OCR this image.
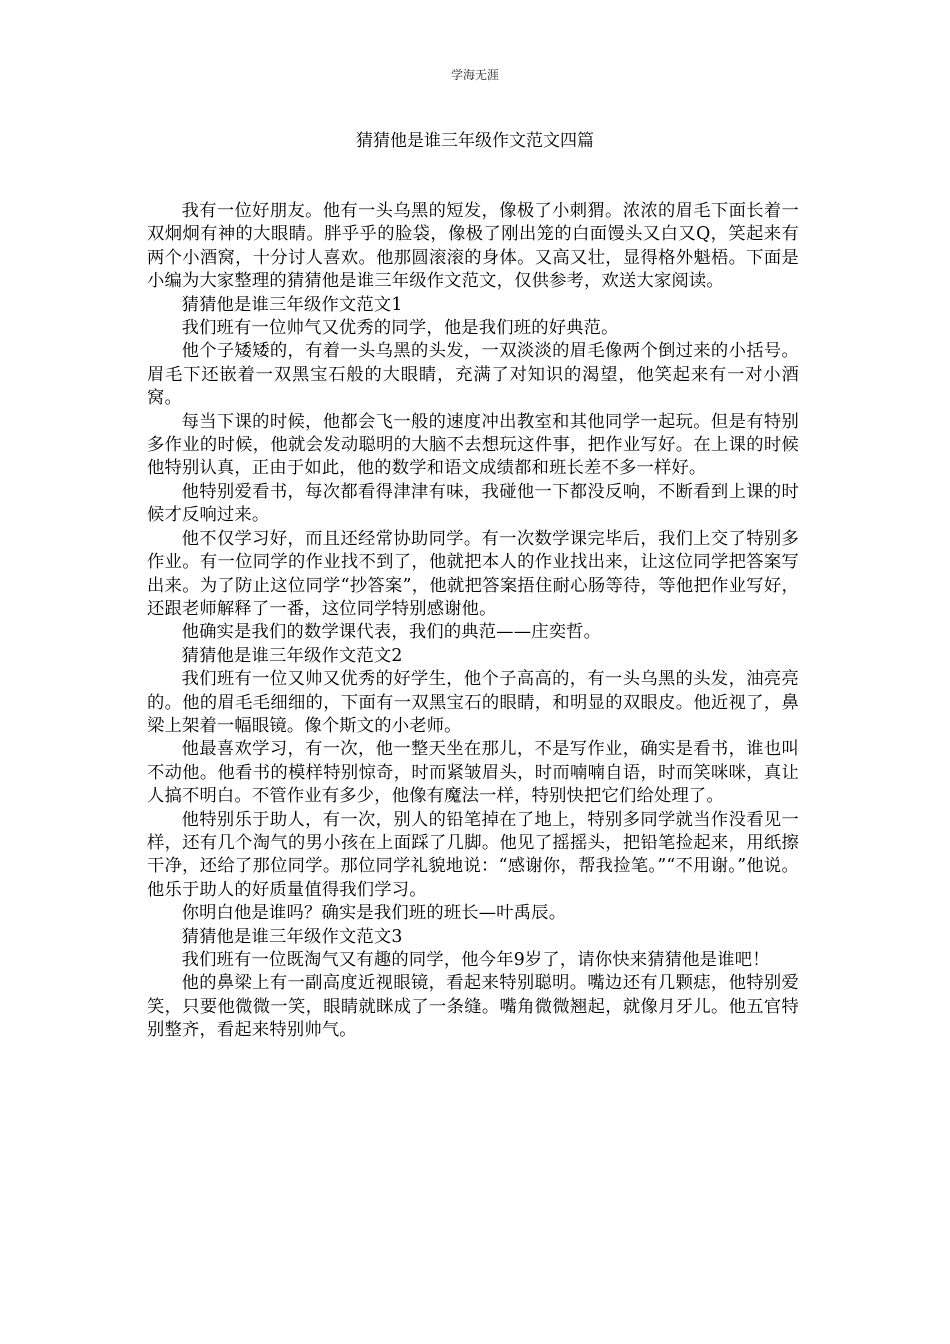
学海无涯
猜猜他是谁三年级作文范文四篇

我有一位好朋友。他有一头乌黑的短发，像极了小刺猬。浓浓的眉毛下面长着一双炯炯有神的大眼睛。胖乎乎的脸袋，像极了刚出笼的白面馒头又白又Q，笑起来有两个小酒窝，十分讨人喜欢。他那圆滚滚的身体。又高又壮，显得格外魁梧。下面是小编为大家整理的猜猜他是谁三年级作文范文，仅供参考，欢送大家阅读。

猜猜他是谁三年级作文范文1

我们班有一位帅气又优秀的同学，他是我们班的好典范。

他个子矮矮的，有着一头乌黑的头发，一双淡淡的眉毛像两个倒过来的小括号。眉毛下还嵌着一双黑宝石般的大眼睛，充满了对知识的渴望，他笑起来有一对小酒窝。

每当下课的时候，他都会飞一般的速度冲出教室和其他同学一起玩。但是有特别多作业的时候，他就会发动聪明的大脑不去想玩这件事，把作业写好。在上课的时候他特别认真，正由于如此，他的数学和语文成绩都和班长差不多一样好。

他特别爱看书，每次都看得津津有味，我碰他一下都没反响，不断看到上课的时候才反响过来。

他不仅学习好，而且还经常协助同学。有一次数学课完毕后，我们上交了特别多作业。有一位同学的作业找不到了，他就把本人的作业找出来，让这位同学把答案写出来。为了防止这位同学“抄答案”，他就把答案捂住耐心肠等待，等他把作业写好，还跟老师解释了一番，这位同学特别感谢他。

他确实是我们的数学课代表，我们的典范——庄奕哲。

猜猜他是谁三年级作文范文2

我们班有一位又帅又优秀的好学生，他个子高高的，有一头乌黑的头发，油亮亮的。他的眉毛毛细细的，下面有一双黑宝石的眼睛，和明显的双眼皮。他近视了，鼻梁上架着一幅眼镜。像个斯文的小老师。

他最喜欢学习，有一次，他一整天坐在那儿，不是写作业，确实是看书，谁也叫不动他。他看书的模样特别惊奇，时而紧皱眉头，时而喃喃自语，时而笑咪咪，真让人搞不明白。不管作业有多少，他像有魔法一样，特别快把它们给处理了。

他特别乐于助人，有一次，别人的铅笔掉在了地上，特别多同学就当作没看见一样，还有几个淘气的男小孩在上面踩了几脚。他见了摇摇头，把铅笔捡起来，用纸擦干净，还给了那位同学。那位同学礼貌地说：“感谢你，帮我捡笔。”“不用谢。”他说。他乐于助人的好质量值得我们学习。

你明白他是谁吗？确实是我们班的班长—叶禹辰。

猜猜他是谁三年级作文范文3

我们班有一位既淘气又有趣的同学，他今年9岁了，请你快来猜猜他是谁吧！

他的鼻梁上有一副高度近视眼镜，看起来特别聪明。嘴边还有几颗痣，他特别爱笑，只要他微微一笑，眼睛就眯成了一条缝。嘴角微微翘起，就像月牙儿。他五官特别整齐，看起来特别帅气。
